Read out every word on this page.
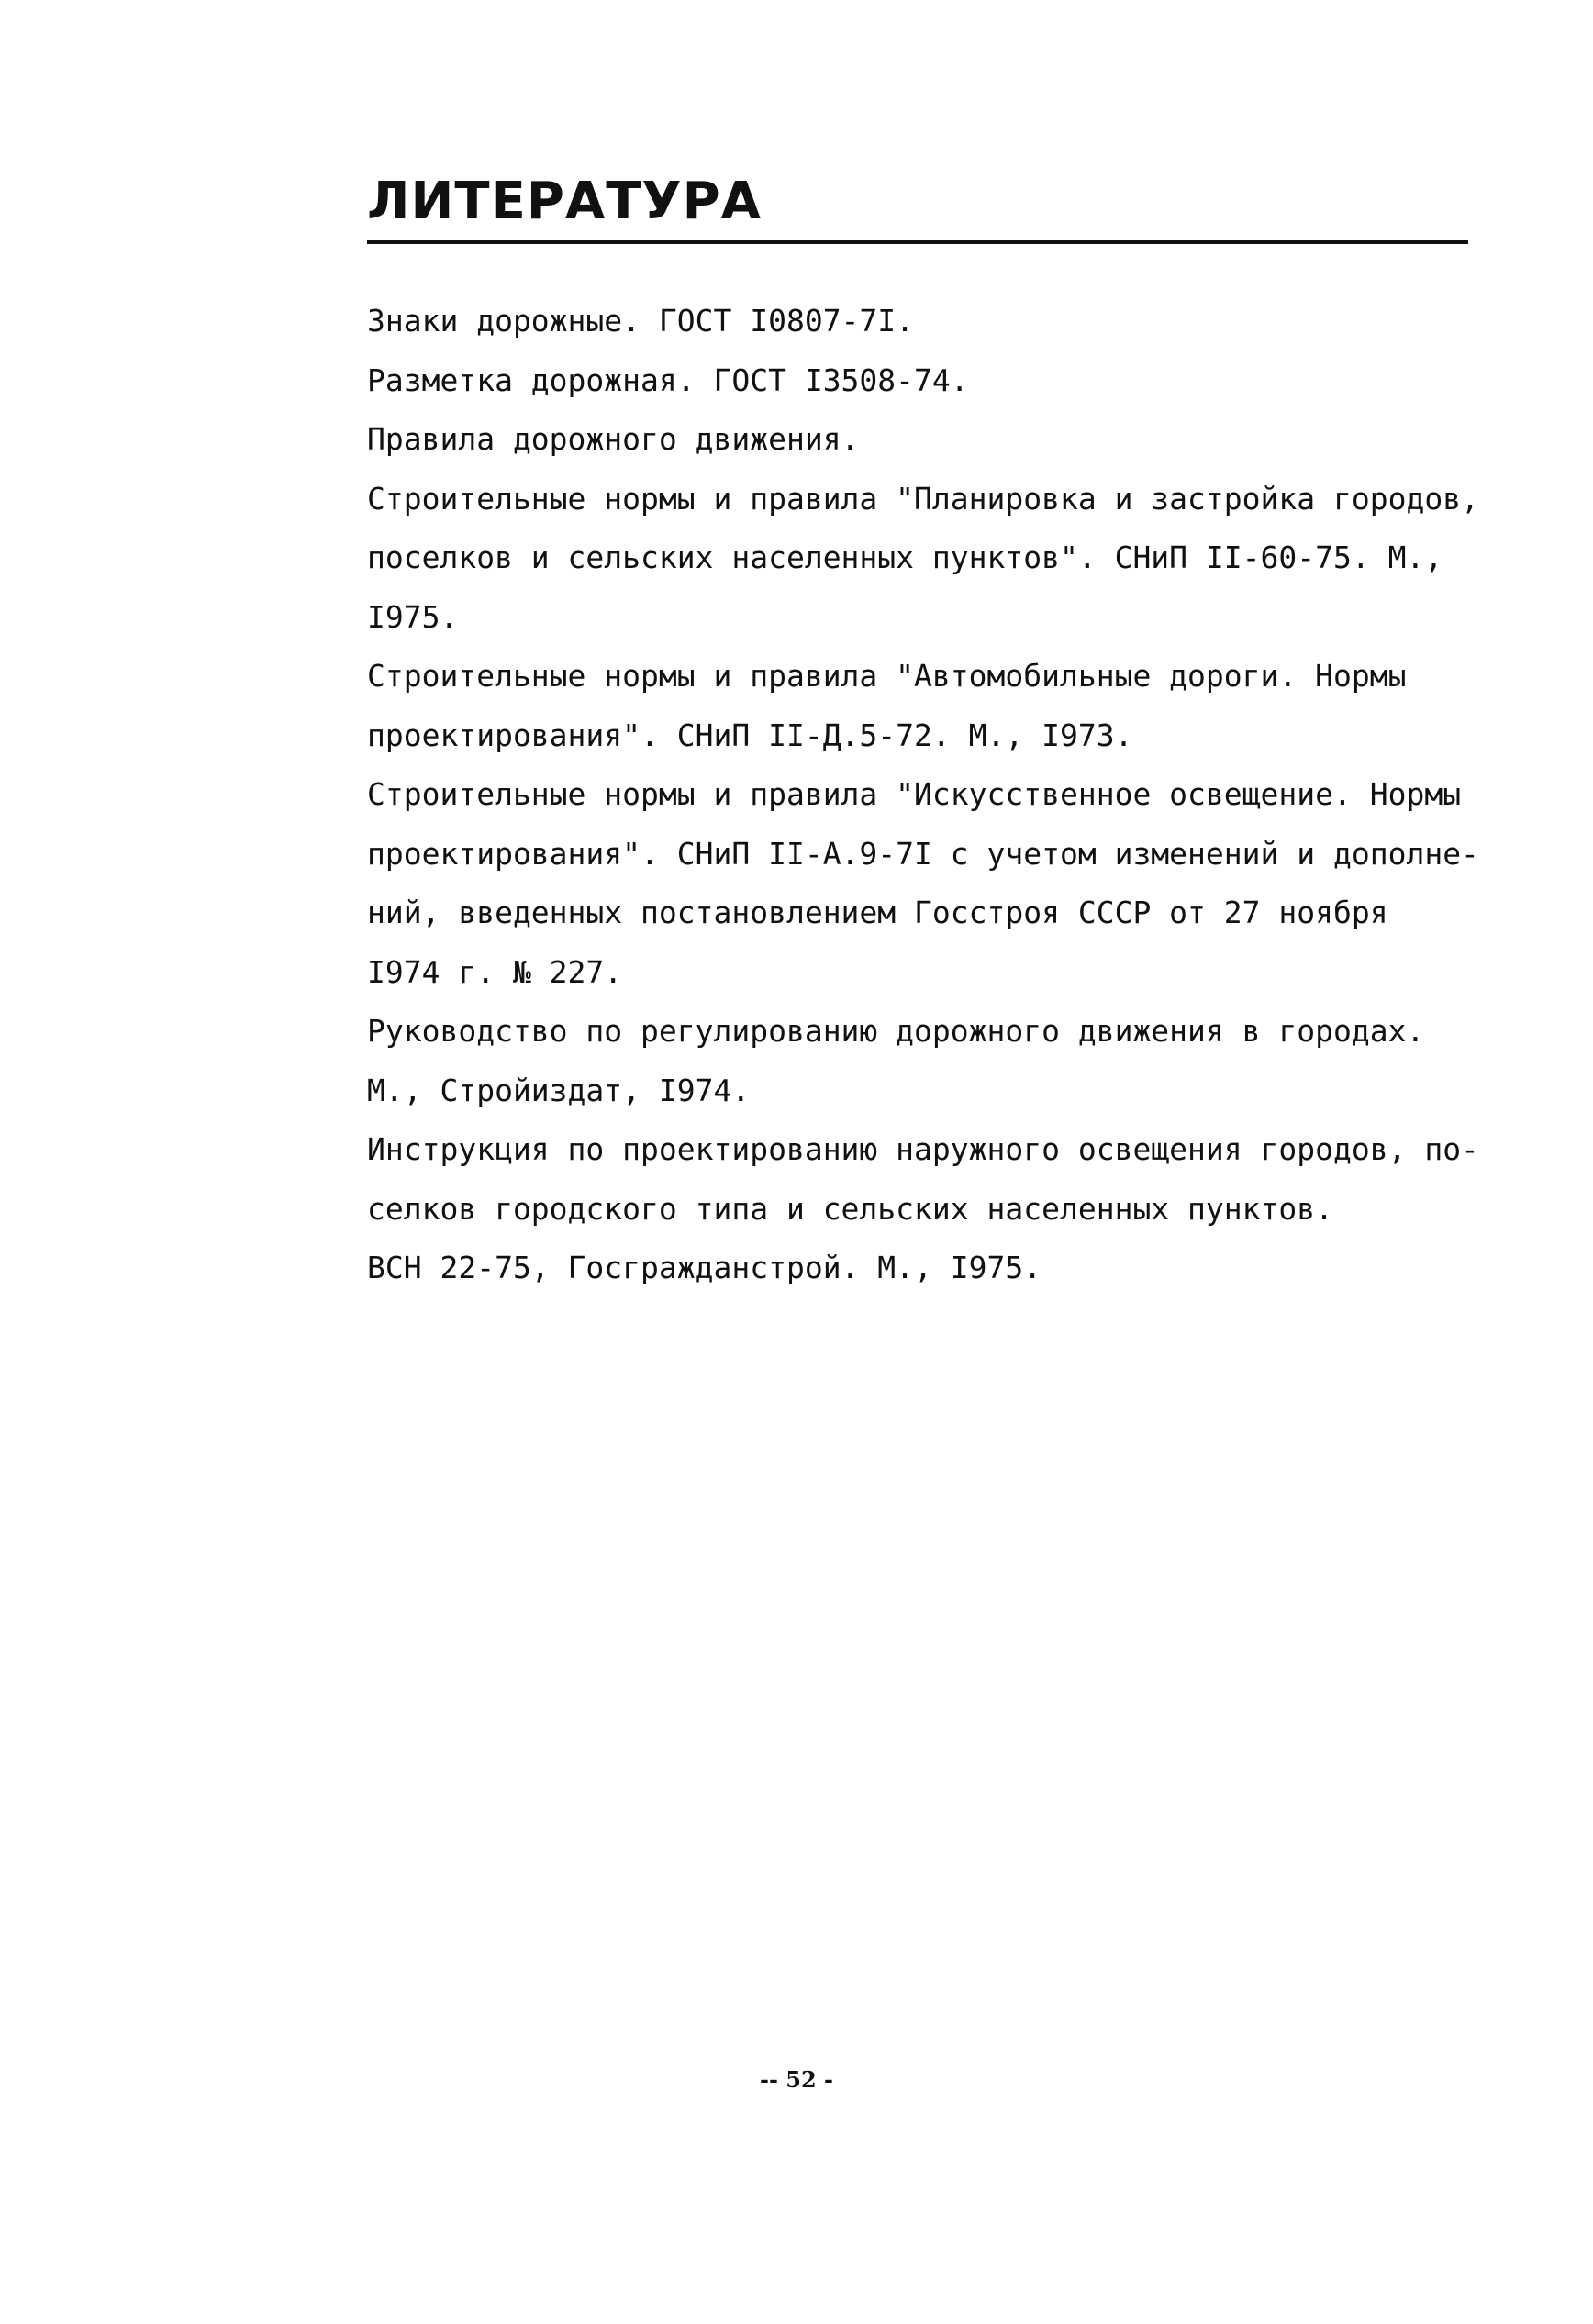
ЛИТЕРАТУРА
Знаки дорожные. ГОСТ I0807-7I.
Разметка дорожная. ГОСТ I3508-74.
Правила дорожного движения.
Строительные нормы и правила "Планировка и застройка городов,
поселков и сельских населенных пунктов". СНиП II-60-75. М.,
I975.
Строительные нормы и правила "Автомобильные дороги. Нормы
проектирования". СНиП II-Д.5-72. М., I973.
Строительные нормы и правила "Искусственное освещение. Нормы
проектирования". СНиП II-А.9-7I с учетом изменений и дополне-
ний, введенных постановлением Госстроя СССР от 27 ноября
I974 г. № 227.
Руководство по регулированию дорожного движения в городах.
М., Стройиздат, I974.
Инструкция по проектированию наружного освещения городов, по-
селков городского типа и сельских населенных пунктов.
ВСН 22-75, Госгражданстрой. М., I975.
-- 52 -
